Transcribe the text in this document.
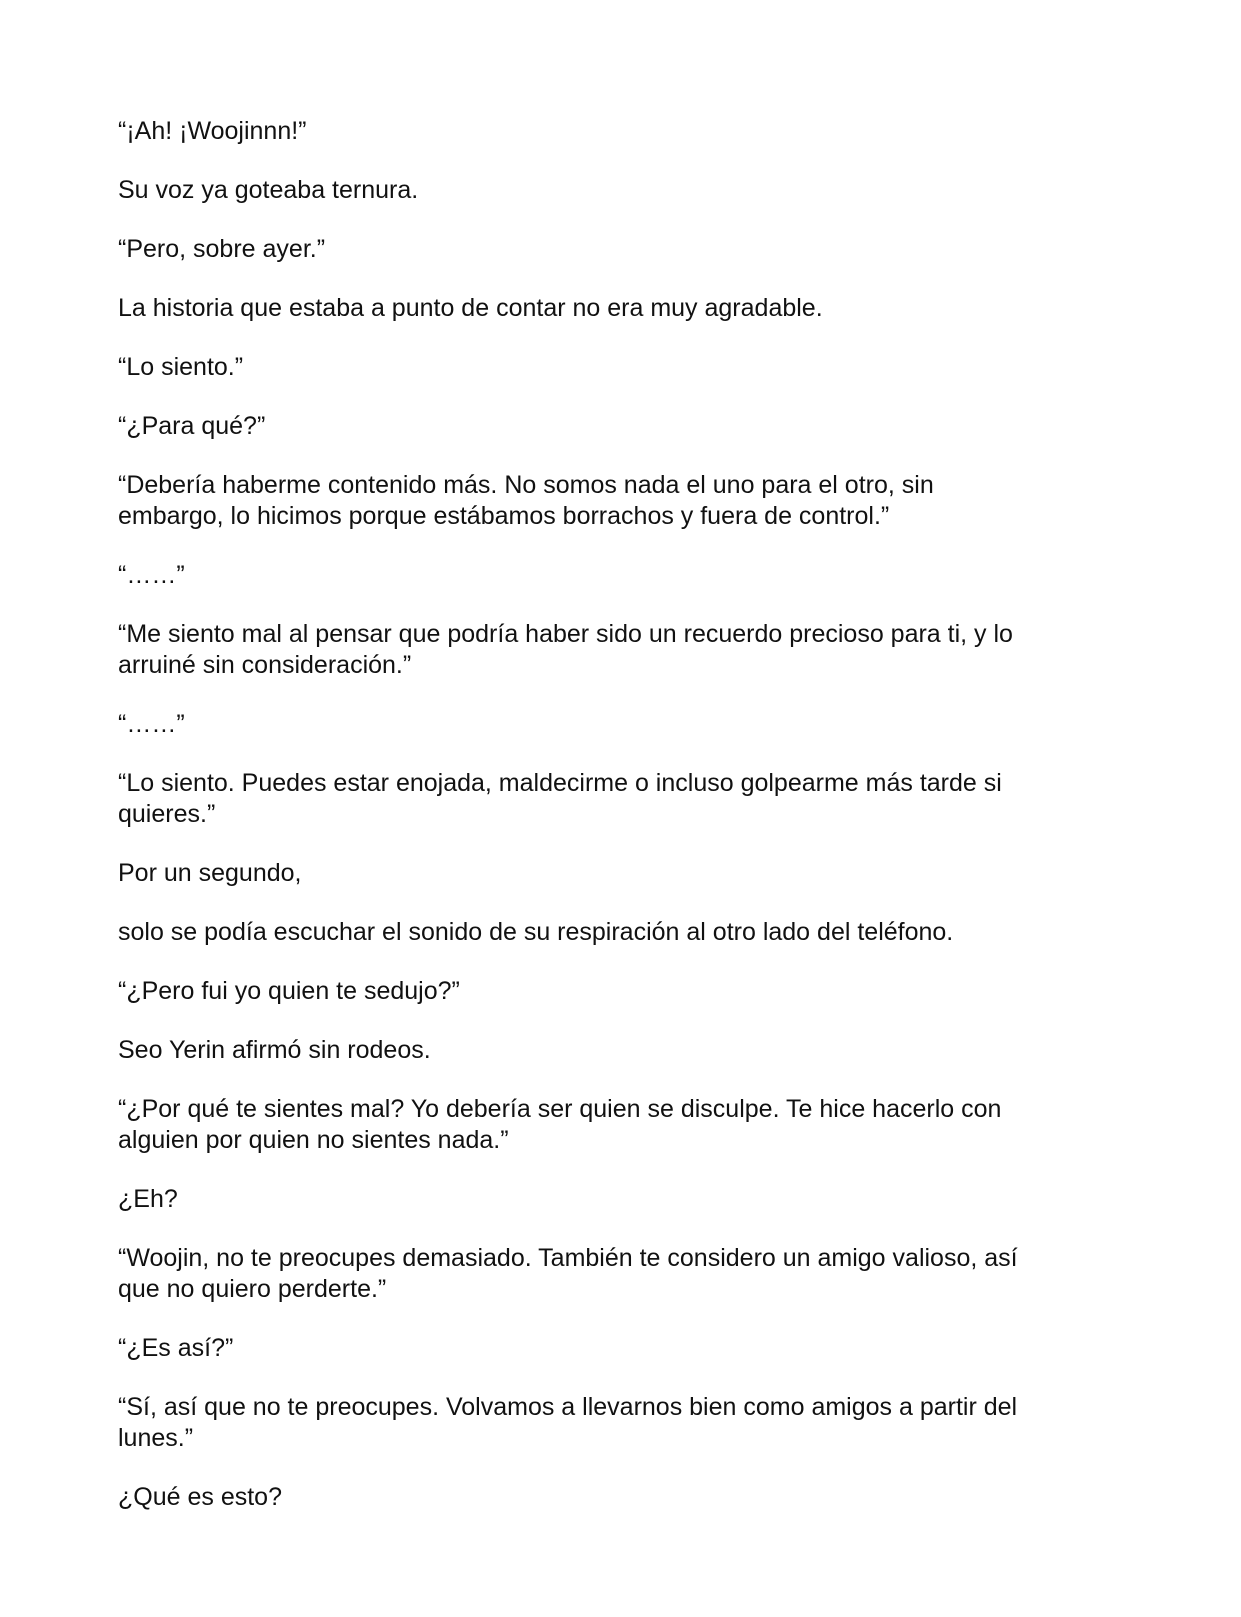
“¡Ah! ¡Woojinnn!”

Su voz ya goteaba ternura.

“Pero, sobre ayer.”

La historia que estaba a punto de contar no era muy agradable.

“Lo siento.”

“¿Para qué?”

“Debería haberme contenido más. No somos nada el uno para el otro, sin
embargo, lo hicimos porque estábamos borrachos y fuera de control.”

“……”

“Me siento mal al pensar que podría haber sido un recuerdo precioso para ti, y lo
arruiné sin consideración.”

“……”

“Lo siento. Puedes estar enojada, maldecirme o incluso golpearme más tarde si
quieres.”

Por un segundo,

solo se podía escuchar el sonido de su respiración al otro lado del teléfono.

“¿Pero fui yo quien te sedujo?”

Seo Yerin afirmó sin rodeos.

“¿Por qué te sientes mal? Yo debería ser quien se disculpe. Te hice hacerlo con
alguien por quien no sientes nada.”

¿Eh?

“Woojin, no te preocupes demasiado. También te considero un amigo valioso, así
que no quiero perderte.”

“¿Es así?”

“Sí, así que no te preocupes. Volvamos a llevarnos bien como amigos a partir del
lunes.”

¿Qué es esto?
